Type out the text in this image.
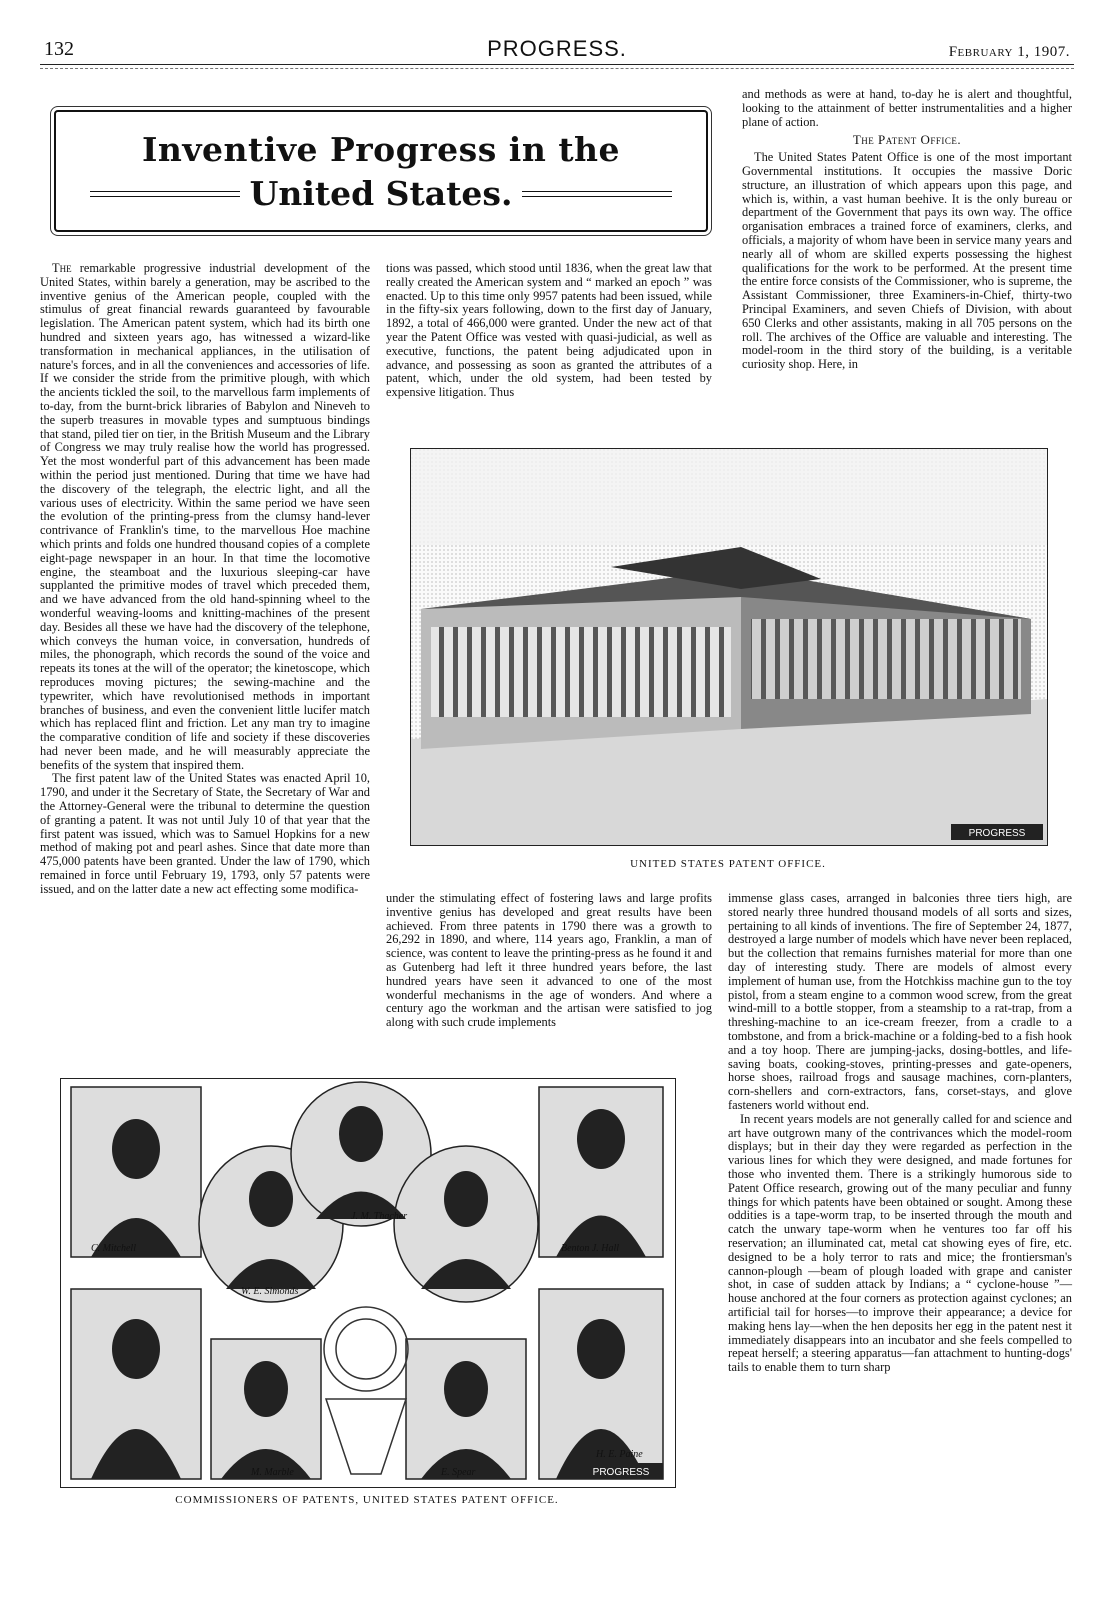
132	PROGRESS.	February 1, 1907.
Inventive Progress in the
United States.

and methods as were at hand, to-day he is alert and thoughtful, looking to the attainment of better instrumentalities and a higher plane of action.

The Patent Office.

The United States Patent Office is one of the most important Governmental institutions. It occupies the massive Doric structure, an illustration of which appears upon this page, and which is, within, a vast human beehive. It is the only bureau or department of the Government that pays its own way. The office organisation embraces a trained force of examiners, clerks, and officials, a majority of whom have been in service many years and nearly all of whom are skilled experts possessing the highest qualifications for the work to be performed. At the present time the entire force consists of the Commissioner, who is supreme, the Assistant Commissioner, three Examiners-in-Chief, thirty-two Principal Examiners, and seven Chiefs of Division, with about 650 Clerks and other assistants, making in all 705 persons on the roll. The archives of the Office are valuable and interesting. The model-room in the third story of the building, is a veritable curiosity shop. Here, in

The remarkable progressive industrial development of the United States, within barely a generation, may be ascribed to the inventive genius of the American people, coupled with the stimulus of great financial rewards guaranteed by favourable legislation. The American patent system, which had its birth one hundred and sixteen years ago, has witnessed a wizard-like transformation in mechanical appliances, in the utilisation of nature's forces, and in all the conveniences and accessories of life. If we consider the stride from the primitive plough, with which the ancients tickled the soil, to the marvellous farm implements of to-day, from the burnt-brick libraries of Babylon and Nineveh to the superb treasures in movable types and sumptuous bindings that stand, piled tier on tier, in the British Museum and the Library of Congress we may truly realise how the world has progressed. Yet the most wonderful part of this advancement has been made within the period just mentioned. During that time we have had the discovery of the telegraph, the electric light, and all the various uses of electricity. Within the same period we have seen the evolution of the printing-press from the clumsy hand-lever contrivance of Franklin's time, to the marvellous Hoe machine which prints and folds one hundred thousand copies of a complete eight-page newspaper in an hour. In that time the locomotive engine, the steamboat and the luxurious sleeping-car have supplanted the primitive modes of travel which preceded them, and we have advanced from the old hand-spinning wheel to the wonderful weaving-looms and knitting-machines of the present day. Besides all these we have had the discovery of the telephone, which conveys the human voice, in conversation, hundreds of miles, the phonograph, which records the sound of the voice and repeats its tones at the will of the operator; the kinetoscope, which reproduces moving pictures; the sewing-machine and the typewriter, which have revolutionised methods in important branches of business, and even the convenient little lucifer match which has replaced flint and friction. Let any man try to imagine the comparative condition of life and society if these discoveries had never been made, and he will measurably appreciate the benefits of the system that inspired them.

The first patent law of the United States was enacted April 10, 1790, and under it the Secretary of State, the Secretary of War and the Attorney-General were the tribunal to determine the question of granting a patent. It was not until July 10 of that year that the first patent was issued, which was to Samuel Hopkins for a new method of making pot and pearl ashes. Since that date more than 475,000 patents have been granted. Under the law of 1790, which remained in force until February 19, 1793, only 57 patents were issued, and on the latter date a new act effecting some modifica-

tions was passed, which stood until 1836, when the great law that really created the American system and “ marked an epoch ” was enacted. Up to this time only 9957 patents had been issued, while in the fifty-six years following, down to the first day of January, 1892, a total of 466,000 were granted. Under the new act of that year the Patent Office was vested with quasi-judicial, as well as executive, functions, the patent being adjudicated upon in advance, and possessing as soon as granted the attributes of a patent, which, under the old system, had been tested by expensive litigation. Thus

PROGRESS
UNITED STATES PATENT OFFICE.

under the stimulating effect of fostering laws and large profits inventive genius has developed and great results have been achieved. From three patents in 1790 there was a growth to 26,292 in 1890, and where, 114 years ago, Franklin, a man of science, was content to leave the printing-press as he found it and as Gutenberg had left it three hundred years before, the last hundred years have seen it advanced to one of the most wonderful mechanisms in the age of wonders. And where a century ago the workman and the artisan were satisfied to jog along with such crude implements

immense glass cases, arranged in balconies three tiers high, are stored nearly three hundred thousand models of all sorts and sizes, pertaining to all kinds of inventions. The fire of September 24, 1877, destroyed a large number of models which have never been replaced, but the collection that remains furnishes material for more than one day of interesting study. There are models of almost every implement of human use, from the Hotchkiss machine gun to the toy pistol, from a steam engine to a common wood screw, from the great wind-mill to a bottle stopper, from a steamship to a rat-trap, from a threshing-machine to an ice-cream freezer, from a cradle to a tombstone, and from a brick-machine or a folding-bed to a fish hook and a toy hoop. There are jumping-jacks, dosing-bottles, and life-saving boats, cooking-stoves, printing-presses and gate-openers, horse shoes, railroad frogs and sausage machines, corn-planters, corn-shellers and corn-extractors, fans, corset-stays, and glove fasteners world without end.

In recent years models are not generally called for and science and art have outgrown many of the contrivances which the model-room displays; but in their day they were regarded as perfection in the various lines for which they were designed, and made fortunes for those who invented them. There is a strikingly humorous side to Patent Office research, growing out of the many peculiar and funny things for which patents have been obtained or sought. Among these oddities is a tape-worm trap, to be inserted through the mouth and catch the unwary tape-worm when he ventures too far off his reservation; an illuminated cat, metal cat showing eyes of fire, etc. designed to be a holy terror to rats and mice; the frontiersman's cannon-plough —beam of plough loaded with grape and canister shot, in case of sudden attack by Indians; a “ cyclone-house ”—house anchored at the four corners as protection against cyclones; an artificial tail for horses—to improve their appearance; a device for making hens lay—when the hen deposits her egg in the patent nest it immediately disappears into an incubator and she feels compelled to repeat herself; a steering apparatus—fan attachment to hunting-dogs' tails to enable them to turn sharp

PROGRESS
C. Mitchell
W. E. Simonds
J. M. Thacher
Benton J. Hall
M. Marble	E. Spear
H. E. Paine
COMMISSIONERS OF PATENTS, UNITED STATES PATENT OFFICE.
